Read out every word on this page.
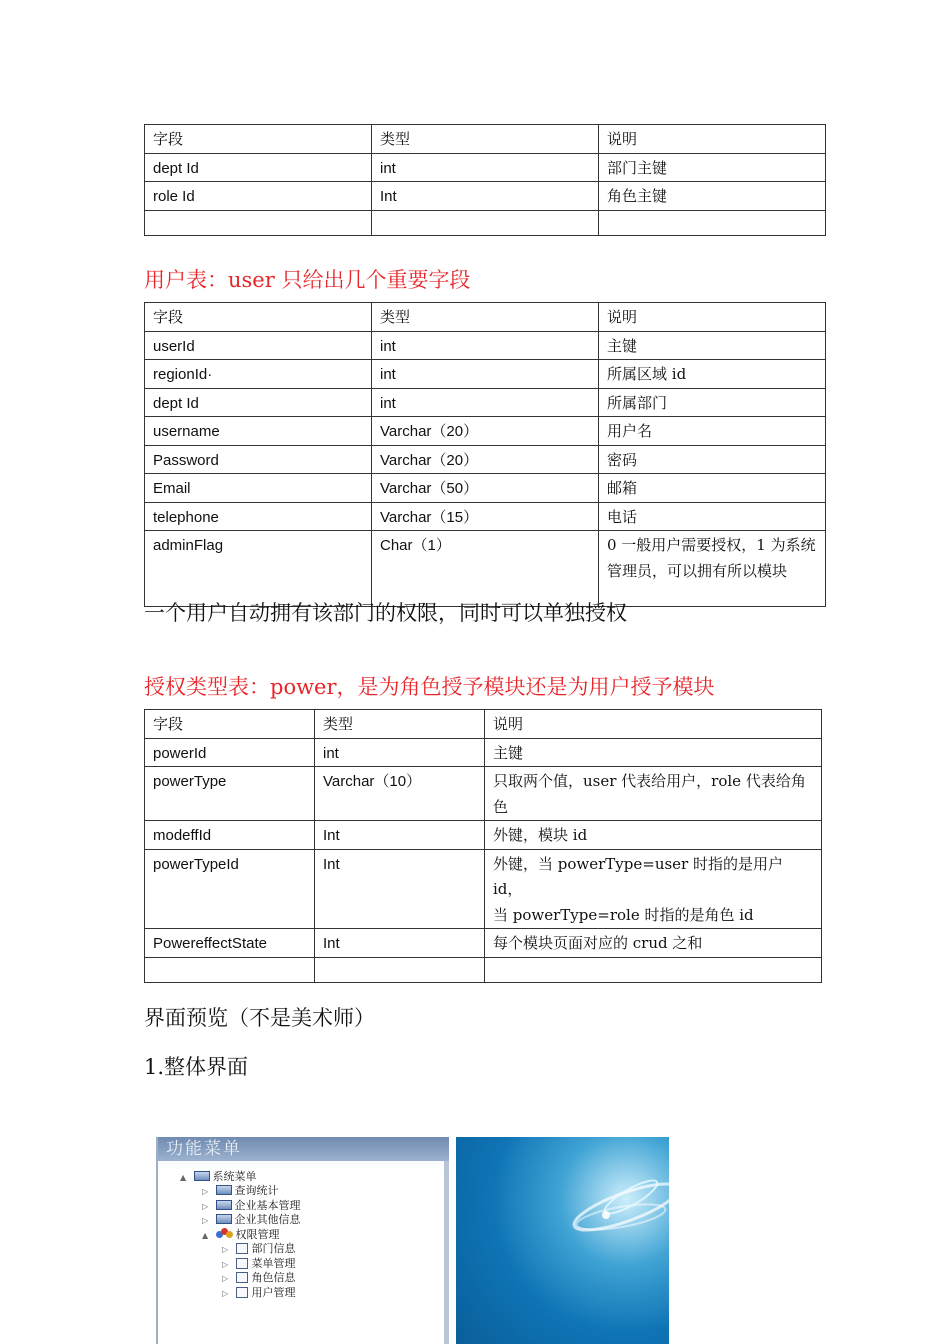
字段	类型	说明
dept Id	int	部门主键
role Id	Int	角色主键

用户表：user 只给出几个重要字段
字段	类型	说明
userId	int	主键
regionId·	int	所属区域 id
dept Id	int	所属部门
username	Varchar（20）	用户名
Password	Varchar（20）	密码
Email	Varchar（50）	邮箱
telephone	Varchar（15）	电话
adminFlag	Char（1）	0 一般用户需要授权，1 为系统管理员，可以拥有所以模块
一个用户自动拥有该部门的权限，同时可以单独授权
授权类型表：power，是为角色授予模块还是为用户授予模块
字段	类型	说明
powerId	int	主键
powerType	Varchar（10）	只取两个值，user 代表给用户，role 代表给角色
modeffId	Int	外键，模块 id
powerTypeId	Int	外键，当 powerType=user 时指的是用户 id，
当 powerType=role 时指的是角色 id
PowereffectState	Int	每个模块页面对应的 crud 之和

界面预览（不是美术师）
1.整体界面
功能菜单
▲ 系统菜单
▷ 查询统计
▷ 企业基本管理
▷ 企业其他信息
▲ 权限管理
▷ 部门信息
▷ 菜单管理
▷ 角色信息
▷ 用户管理
